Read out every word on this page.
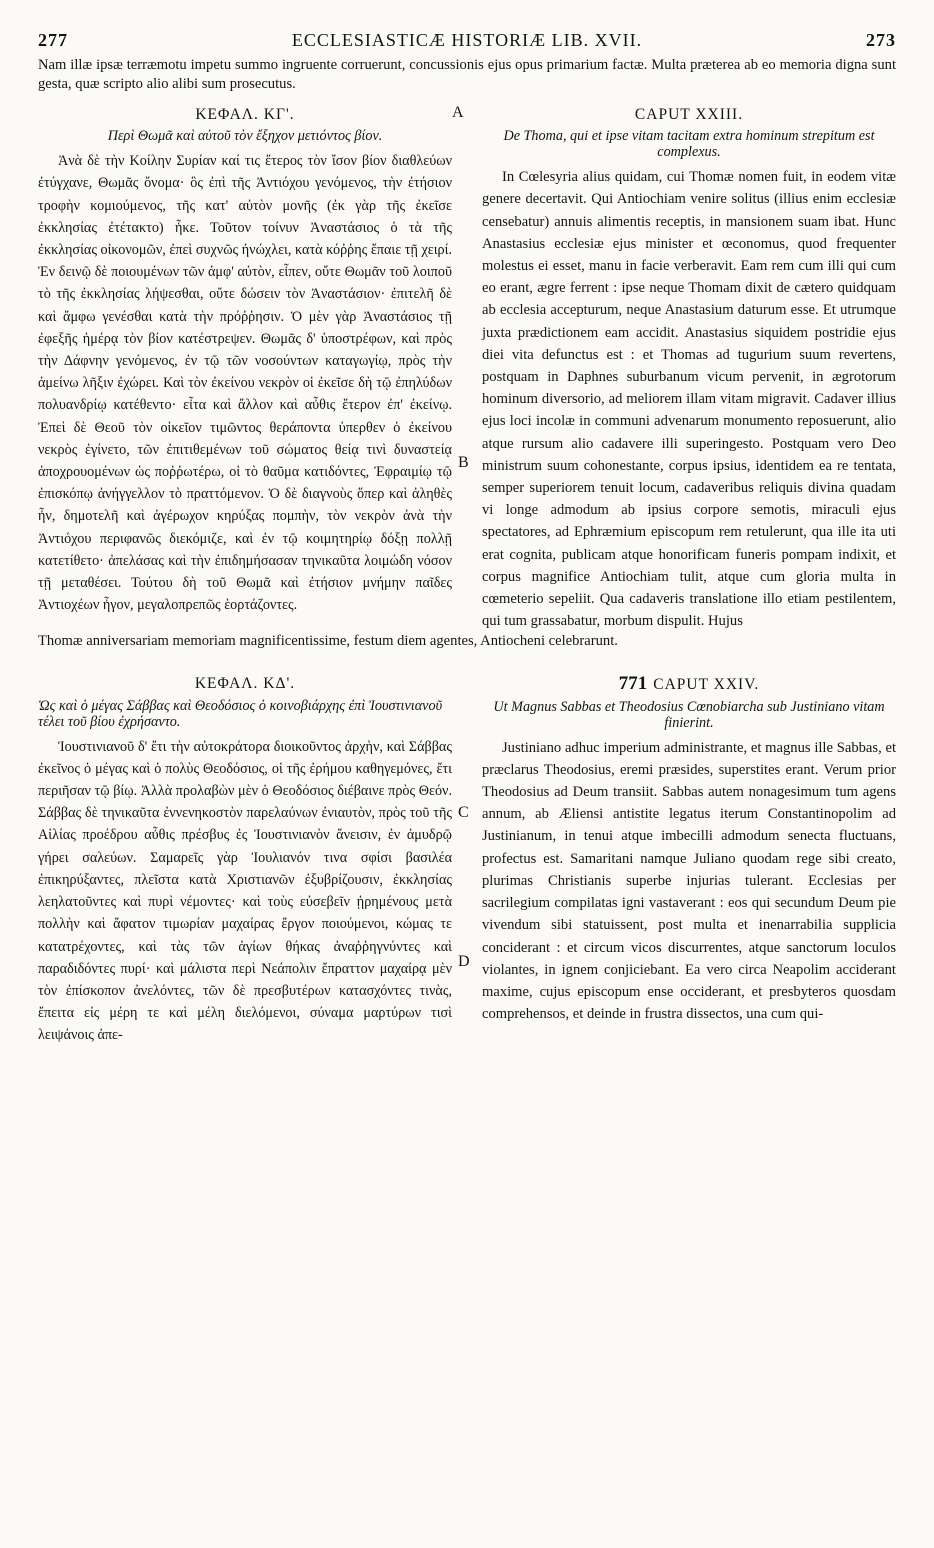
277	ECCLESIASTICÆ HISTORIÆ LIB. XVII.	273

Nam illæ ipsæ terræmotu impetu summo ingruente corruerunt, concussionis ejus opus primarium factæ. Multa præterea ab eo memoria digna sunt gesta, quæ scripto alio alibi sum prosecutus.

ΚΕΦΑΛ. ΚΓ'.
Περὶ Θωμᾶ καὶ αὐτοῦ τὸν ἔξηχον μετιόντος βίον.

Ἀνὰ δὲ τὴν Κοίλην Συρίαν καί τις ἕτερος τὸν ἴσον βίον διαθλεύων ἐτύγχανε, Θωμᾶς ὄνομα· ὃς ἐπὶ τῆς Ἀντιόχου γενόμενος, τὴν ἐτήσιον τροφὴν κομιούμενος, τῆς κατ' αὐτὸν μονῆς (ἐκ γὰρ τῆς ἐκεῖσε ἐκκλησίας ἐτέτακτο) ἧκε. Τοῦτον τοίνυν Ἀναστάσιος ὁ τὰ τῆς ἐκκλησίας οἰκονομῶν, ἐπεὶ συχνῶς ἠνώχλει, κατὰ κόῤῥης ἔπαιε τῇ χειρί. Ἐν δεινῷ δὲ ποιουμένων τῶν ἀμφ' αὐτὸν, εἶπεν, οὔτε Θωμᾶν τοῦ λοιποῦ τὸ τῆς ἐκκλησίας λήψεσθαι, οὔτε δώσειν τὸν Ἀναστάσιον· ἐπιτελῆ δὲ καὶ ἄμφω γενέσθαι κατὰ τὴν πρόῤῥησιν. Ὁ μὲν γὰρ Ἀναστάσιος τῇ ἐφεξῆς ἡμέρᾳ τὸν βίον κατέστρεψεν. Θωμᾶς δ' ὑποστρέφων, καὶ πρὸς τὴν Δάφνην γενόμενος, ἐν τῷ τῶν νοσούντων καταγωγίῳ, πρὸς τὴν ἀμείνω λῆξιν ἐχώρει. Καὶ τὸν ἐκείνου νεκρὸν οἱ ἐκεῖσε δὴ τῷ ἐπηλύδων πολυανδρίῳ κατέθεντο· εἶτα καὶ ἄλλον καὶ αὖθις ἕτερον ἐπ' ἐκείνῳ. Ἐπεὶ δὲ Θεοῦ τὸν οἰκεῖον τιμῶντος θεράποντα ὑπερθεν ὁ ἐκείνου νεκρὸς ἐγίνετο, τῶν ἐπιτιθεμένων τοῦ σώματος θείᾳ τινὶ δυναστείᾳ ἀποχρουομένων ὡς ποῤῥωτέρω, οἱ τὸ θαῦμα κατιδόντες, Ἐφραιμίῳ τῷ ἐπισκόπῳ ἀνήγγελλον τὸ πραττόμενον. Ὁ δὲ διαγνοὺς ὅπερ καὶ ἀληθὲς ἦν, δημοτελῆ καὶ ἀγέρωχον κηρύξας πομπὴν, τὸν νεκρὸν ἀνὰ τὴν Ἀντιόχου περιφανῶς διεκόμιζε, καὶ ἐν τῷ κοιμητηρίῳ δόξῃ πολλῇ κατετίθετο· ἀπελάσας καὶ τὴν ἐπιδημήσασαν τηνικαῦτα λοιμώδη νόσον τῇ μεταθέσει. Τούτου δὴ τοῦ Θωμᾶ καὶ ἐτήσιον μνήμην παῖδες Ἀντιοχέων ἦγον, μεγαλοπρεπῶς ἑορτάζοντες.

A
B
C
CAPUT XXIII.
De Thoma, qui et ipse vitam tacitam extra hominum strepitum est complexus.

In Cœlesyria alius quidam, cui Thomæ nomen fuit, in eodem vitæ genere decertavit. Qui Antiochiam venire solitus (illius enim ecclesiæ censebatur) annuis alimentis receptis, in mansionem suam ibat. Hunc Anastasius ecclesiæ ejus minister et œconomus, quod frequenter molestus ei esset, manu in facie verberavit. Eam rem cum illi qui cum eo erant, ægre ferrent : ipse neque Thomam dixit de cætero quidquam ab ecclesia accepturum, neque Anastasium daturum esse. Et utrumque juxta prædictionem eam accidit. Anastasius siquidem postridie ejus diei vita defunctus est : et Thomas ad tugurium suum revertens, postquam in Daphnes suburbanum vicum pervenit, in ægrotorum hominum diversorio, ad meliorem illam vitam migravit. Cadaver illius ejus loci incolæ in communi advenarum monumento reposuerunt, alio atque rursum alio cadavere illi superingesto. Postquam vero Deo ministrum suum cohonestante, corpus ipsius, identidem ea re tentata, semper superiorem tenuit locum, cadaveribus reliquis divina quadam vi longe admodum ab ipsius corpore semotis, miraculi ejus spectatores, ad Ephræmium episcopum rem retulerunt, qua ille ita uti erat cognita, publicam atque honorificam funeris pompam indixit, et corpus magnifice Antiochiam tulit, atque cum gloria multa in cœmeterio sepeliit. Qua cadaveris translatione illo etiam pestilentem, qui tum grassabatur, morbum dispulit. Hujus

Thomæ anniversariam memoriam magnificentissime, festum diem agentes, Antiocheni celebrarunt.

ΚΕΦΑΛ. ΚΔ'.
Ὡς καὶ ὁ μέγας Σάββας καὶ Θεοδόσιος ὁ κοινοβιάρχης ἐπὶ Ἰουστινιανοῦ τέλει τοῦ βίου ἐχρήσαντο.

Ἰουστινιανοῦ δ' ἔτι τὴν αὐτοκράτορα διοικοῦντος ἀρχὴν, καὶ Σάββας ἐκεῖνος ὁ μέγας καὶ ὁ πολὺς Θεοδόσιος, οἱ τῆς ἐρήμου καθηγεμόνες, ἔτι περιῆσαν τῷ βίῳ. Ἀλλὰ προλαβὼν μὲν ὁ Θεοδόσιος διέβαινε πρὸς Θεόν. Σάββας δὲ τηνικαῦτα ἐννενηκοστὸν παρελαύνων ἐνιαυτὸν, πρὸς τοῦ τῆς Αἰλίας προέδρου αὖθις πρέσβυς ἐς Ἰουστινιανὸν ἄνεισιν, ἐν ἀμυδρῷ γήρει σαλεύων. Σαμαρεῖς γὰρ Ἰουλιανόν τινα σφίσι βασιλέα ἐπικηρύξαντες, πλεῖστα κατὰ Χριστιανῶν ἐξυβρίζουσιν, ἐκκλησίας λεηλατοῦντες καὶ πυρὶ νέμοντες· καὶ τοὺς εὐσεβεῖν ᾑρημένους μετὰ πολλὴν καὶ ἄφατον τιμωρίαν μαχαίρας ἔργον ποιούμενοι, κώμας τε κατατρέχοντες, καὶ τὰς τῶν ἁγίων θήκας ἀναῤῥηγνύντες καὶ παραδιδόντες πυρί· καὶ μάλιστα περὶ Νεάπολιν ἔπραττον μαχαίρᾳ μὲν τὸν ἐπίσκοπον ἀνελόντες, τῶν δὲ πρεσβυτέρων κατασχόντες τινὰς, ἔπειτα εἰς μέρη τε καὶ μέλη διελόμενοι, σύναμα μαρτύρων τισὶ λειψάνοις ἀπε-

D
771 CAPUT XXIV.
Ut Magnus Sabbas et Theodosius Cœnobiarcha sub Justiniano vitam finierint.

Justiniano adhuc imperium administrante, et magnus ille Sabbas, et præclarus Theodosius, eremi præsides, superstites erant. Verum prior Theodosius ad Deum transiit. Sabbas autem nonagesimum tum agens annum, ab Æliensi antistite legatus iterum Constantinopolim ad Justinianum, in tenui atque imbecilli admodum senecta fluctuans, profectus est. Samaritani namque Juliano quodam rege sibi creato, plurimas Christianis superbe injurias tulerant. Ecclesias per sacrilegium compilatas igni vastaverant : eos qui secundum Deum pie vivendum sibi statuissent, post multa et inenarrabilia supplicia conciderant : et circum vicos discurrentes, atque sanctorum loculos violantes, in ignem conjiciebant. Ea vero circa Neapolim acciderant maxime, cujus episcopum ense occiderant, et presbyteros quosdam comprehensos, et deinde in frustra dissectos, una cum qui-
